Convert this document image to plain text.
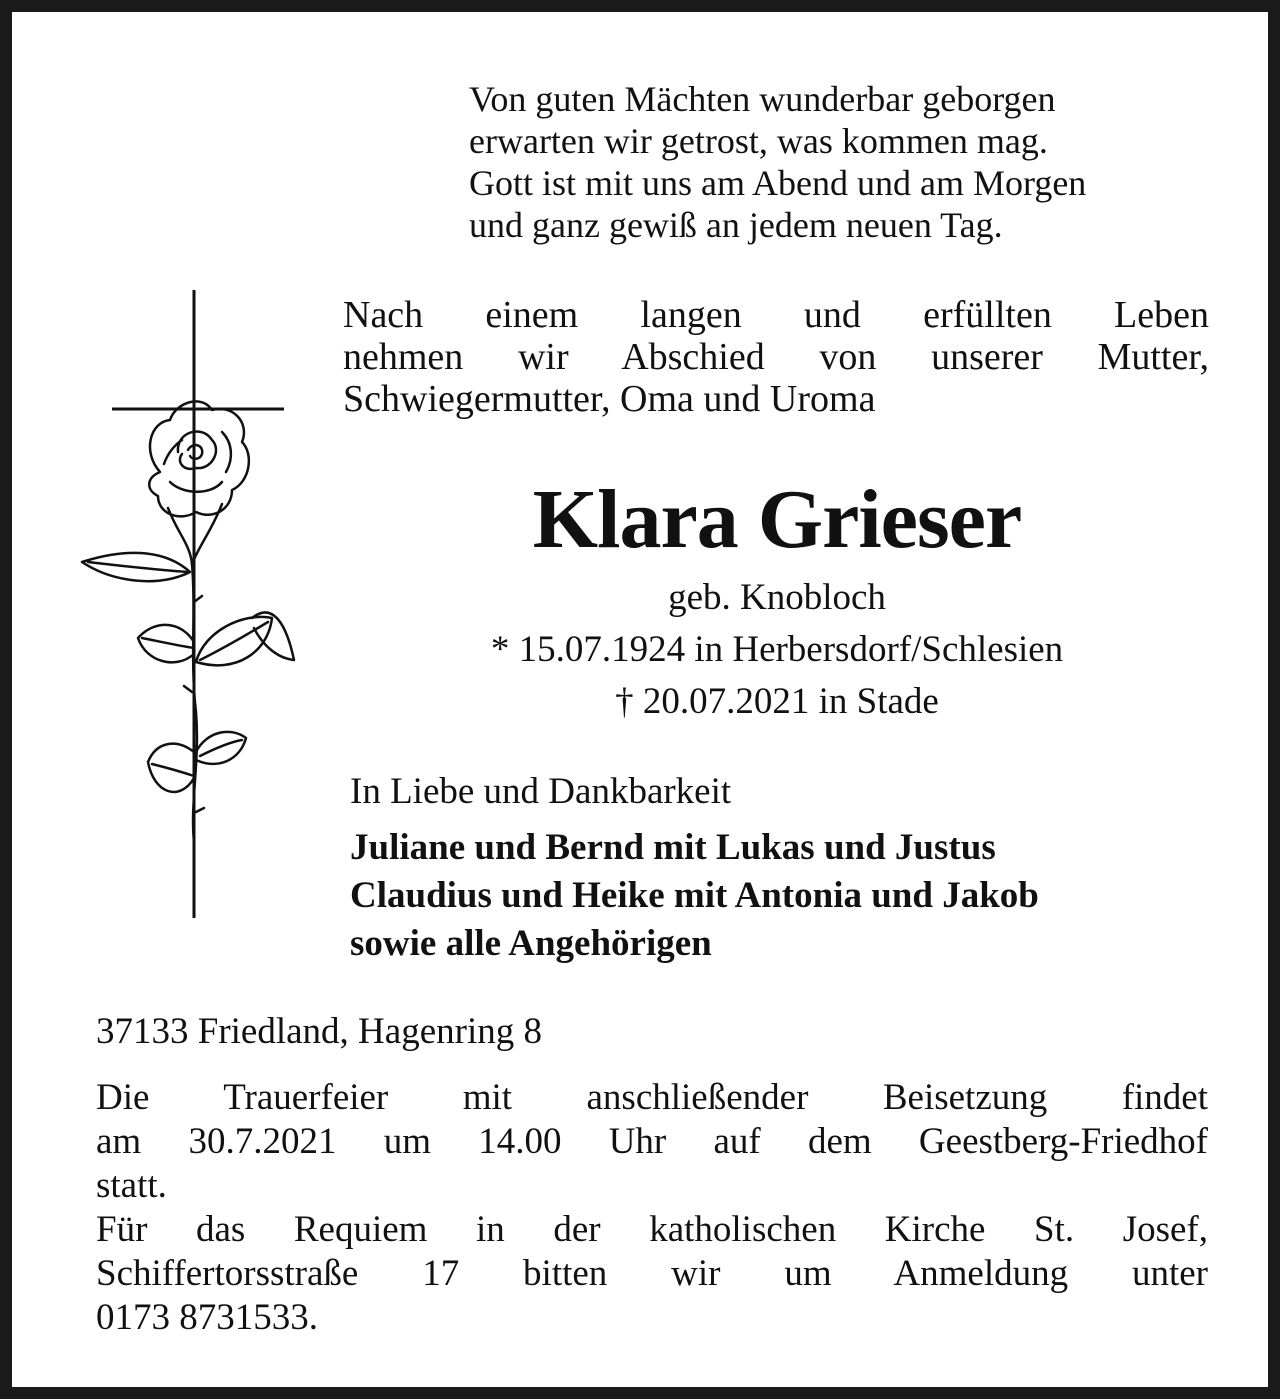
Von guten Mächten wunderbar geborgen
erwarten wir getrost, was kommen mag.
Gott ist mit uns am Abend und am Morgen
und ganz gewiß an jedem neuen Tag.

Nach einem langen und erfüllten Leben
nehmen wir Abschied von unserer Mutter,
Schwiegermutter, Oma und Uroma

Klara Grieser

geb. Knobloch
* 15.07.1924 in Herbersdorf/Schlesien
† 20.07.2021 in Stade

In Liebe und Dankbarkeit

Juliane und Bernd mit Lukas und Justus
Claudius und Heike mit Antonia und Jakob
sowie alle Angehörigen

37133 Friedland, Hagenring 8

Die Trauerfeier mit anschließender Beisetzung findet
am 30.7.2021 um 14.00 Uhr auf dem Geestberg-Friedhof
statt.

Für das Requiem in der katholischen Kirche St. Josef,
Schiffertorsstraße 17 bitten wir um Anmeldung unter
0173 8731533.
